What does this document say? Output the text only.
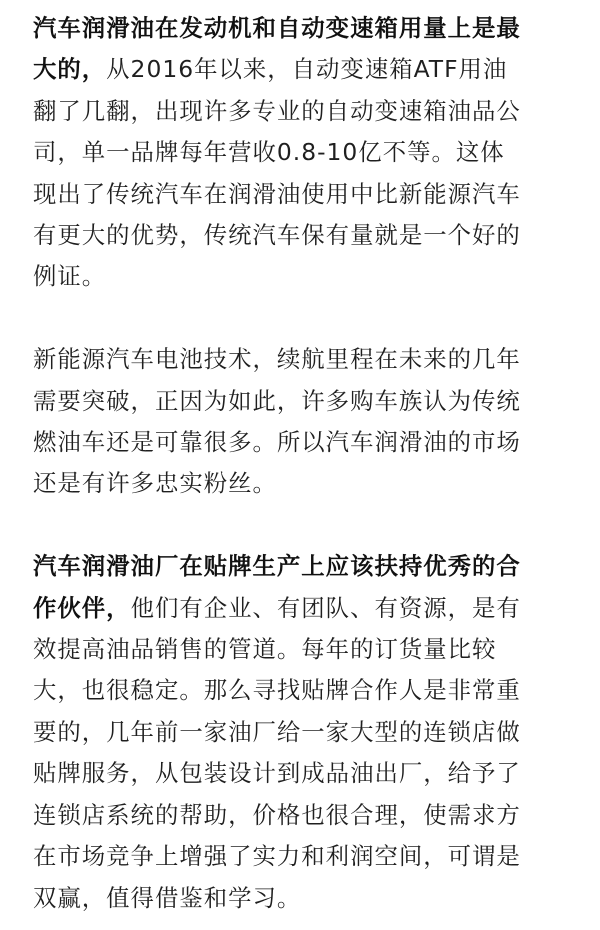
汽车润滑油在发动机和自动变速箱用量上是最
大的，从2016年以来，自动变速箱ATF用油
翻了几翻，出现许多专业的自动变速箱油品公
司，单一品牌每年营收0.8-10亿不等。这体
现出了传统汽车在润滑油使用中比新能源汽车
有更大的优势，传统汽车保有量就是一个好的
例证。

新能源汽车电池技术，续航里程在未来的几年
需要突破，正因为如此，许多购车族认为传统
燃油车还是可靠很多。所以汽车润滑油的市场
还是有许多忠实粉丝。

汽车润滑油厂在贴牌生产上应该扶持优秀的合
作伙伴，他们有企业、有团队、有资源，是有
效提高油品销售的管道。每年的订货量比较
大，也很稳定。那么寻找贴牌合作人是非常重
要的，几年前一家油厂给一家大型的连锁店做
贴牌服务，从包装设计到成品油出厂，给予了
连锁店系统的帮助，价格也很合理，使需求方
在市场竞争上增强了实力和利润空间，可谓是
双赢，值得借鉴和学习。
